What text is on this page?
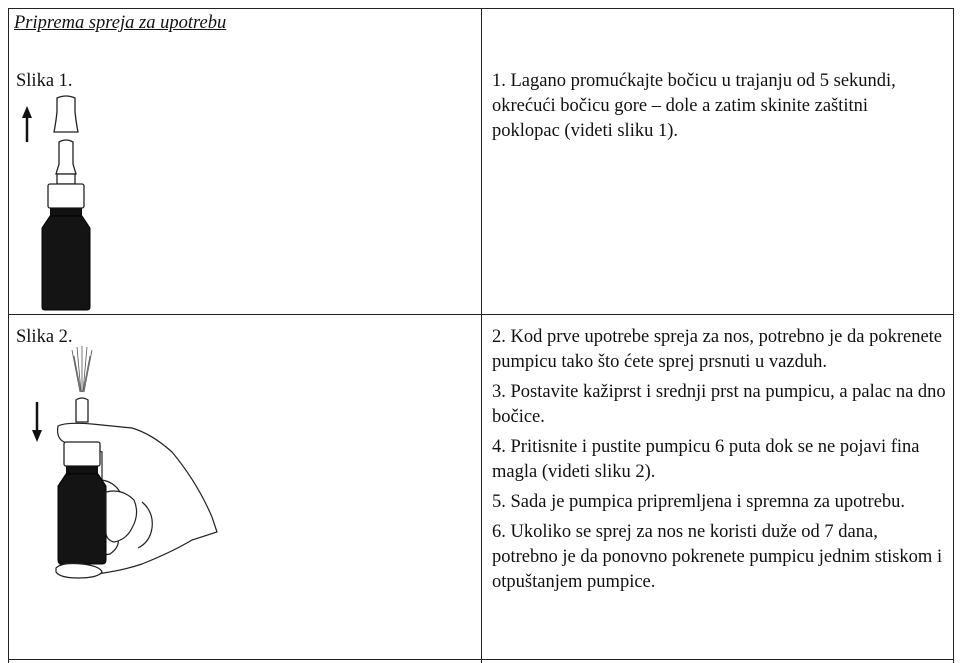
Priprema spreja za upotrebu
Slika 1.	1. Lagano promućkajte bočicu u trajanju od 5 sekundi, okrećući bočicu gore – dole a zatim skinite zaštitni poklopac (videti sliku 1).
Slika 2.	2. Kod prve upotrebe spreja za nos, potrebno je da pokrenete pumpicu tako što ćete sprej prsnuti u vazduh.

3. Postavite kažiprst i srednji prst na pumpicu, a palac na dno bočice.

4. Pritisnite i pustite pumpicu 6 puta dok se ne pojavi fina magla (videti sliku 2).

5. Sada je pumpica pripremljena i spremna za upotrebu.

6. Ukoliko se sprej za nos ne koristi duže od 7 dana, potrebno je da ponovno pokrenete pumpicu jednim stiskom i otpuštanjem pumpice.
